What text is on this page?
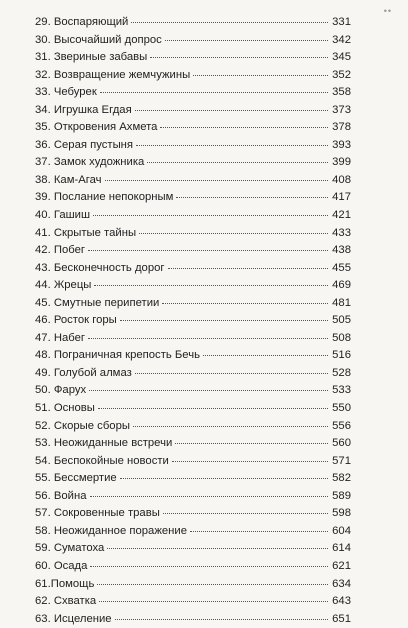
••
29. Воспаряющий	331
30. Высочайший допрос	342
31. Звериные забавы	345
32. Возвращение жемчужины	352
33. Чебурек	358
34. Игрушка Егдая	373
35. Откровения Ахмета	378
36. Серая пустыня	393
37. Замок художника	399
38. Кам-Агач	408
39. Послание непокорным	417
40. Гашиш	421
41. Скрытые тайны	433
42. Побег	438
43. Бесконечность дорог	455
44. Жрецы	469
45. Смутные перипетии	481
46. Росток горы	505
47. Набег	508
48. Пограничная крепость Бечь	516
49. Голубой алмаз	528
50. Фарух	533
51. Основы	550
52. Скорые сборы	556
53. Неожиданные встречи	560
54. Беспокойные новости	571
55. Бессмертие	582
56. Война	589
57. Сокровенные травы	598
58. Неожиданное поражение	604
59. Суматоха	614
60. Осада	621
61.Помощь	634
62. Схватка	643
63. Исцеление	651
